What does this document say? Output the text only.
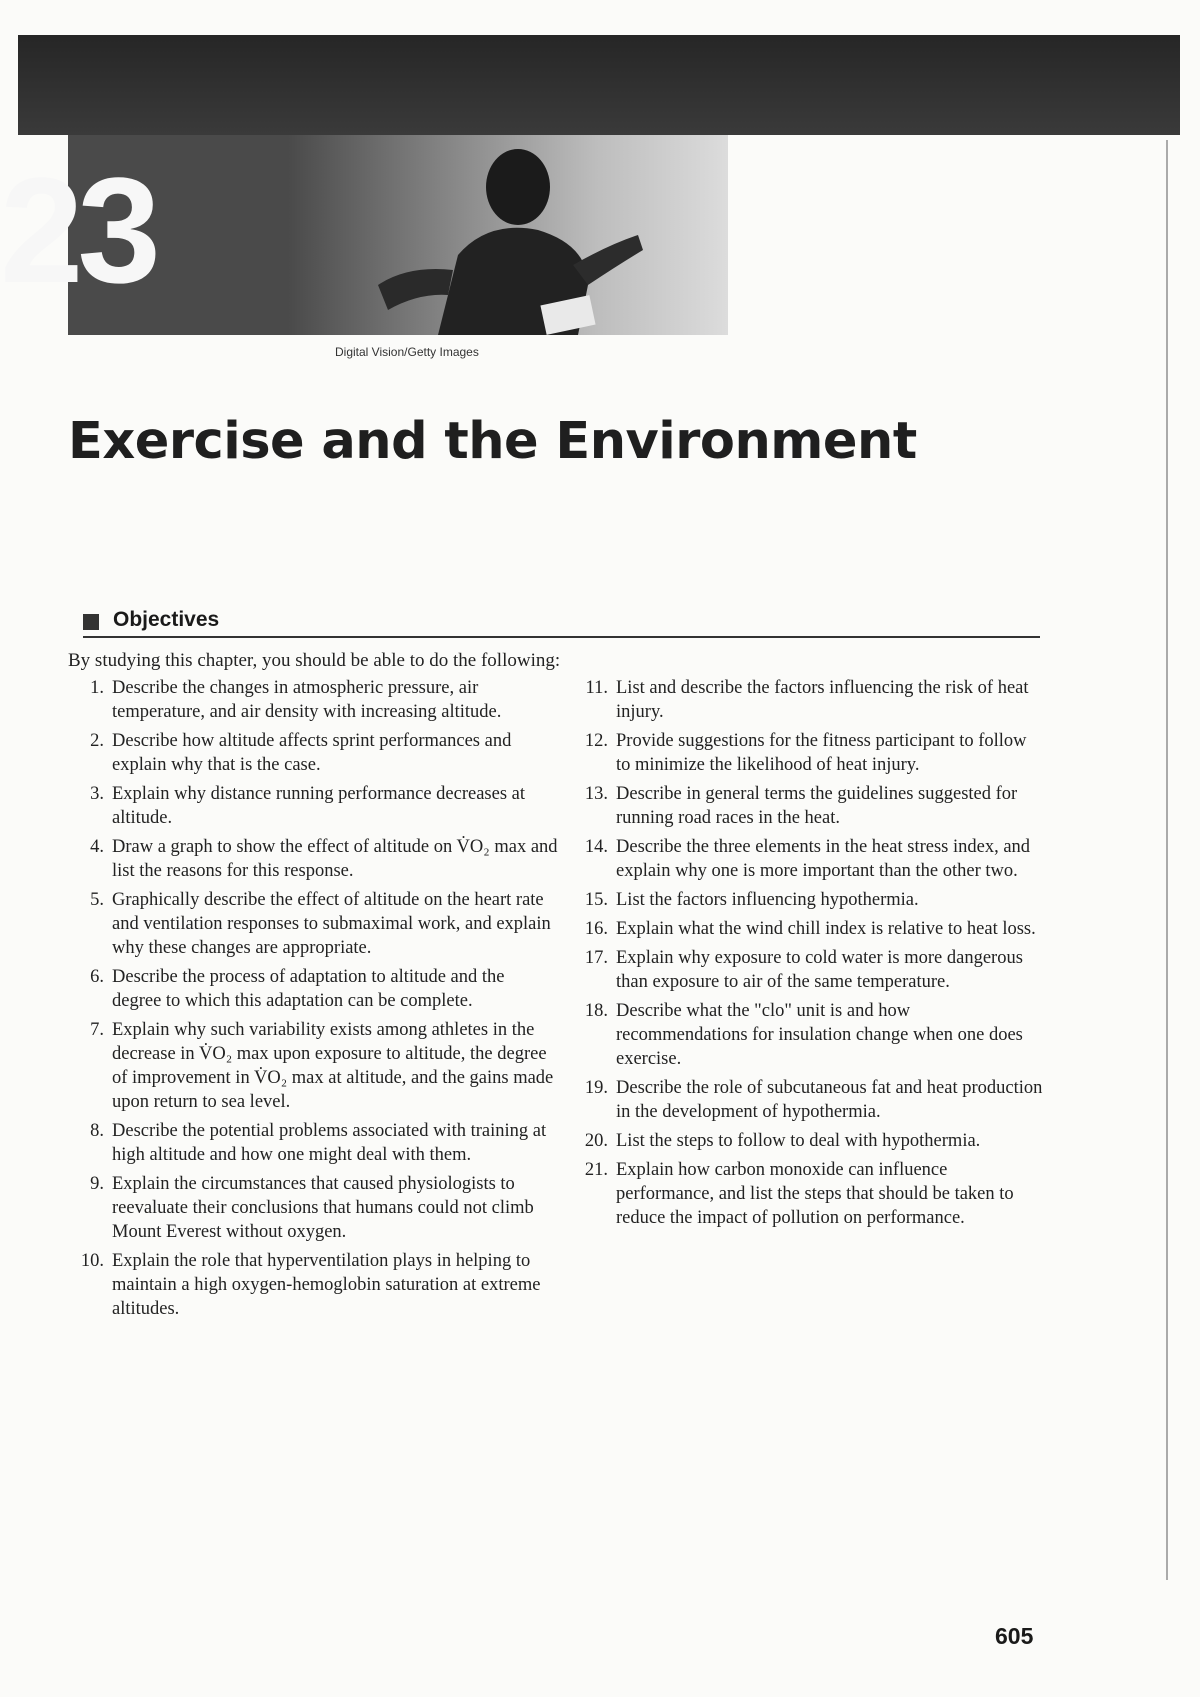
23
Digital Vision/Getty Images
Exercise and the Environment
Objectives

By studying this chapter, you should be able to do the following:

1. Describe the changes in atmospheric pressure, air temperature, and air density with increasing altitude.
2. Describe how altitude affects sprint performances and explain why that is the case.
3. Explain why distance running performance decreases at altitude.
4. Draw a graph to show the effect of altitude on V̇O₂ max and list the reasons for this response.
5. Graphically describe the effect of altitude on the heart rate and ventilation responses to submaximal work, and explain why these changes are appropriate.
6. Describe the process of adaptation to altitude and the degree to which this adaptation can be complete.
7. Explain why such variability exists among athletes in the decrease in V̇O₂ max upon exposure to altitude, the degree of improvement in V̇O₂ max at altitude, and the gains made upon return to sea level.
8. Describe the potential problems associated with training at high altitude and how one might deal with them.
9. Explain the circumstances that caused physiologists to reevaluate their conclusions that humans could not climb Mount Everest without oxygen.
10. Explain the role that hyperventilation plays in helping to maintain a high oxygen-hemoglobin saturation at extreme altitudes.
11. List and describe the factors influencing the risk of heat injury.
12. Provide suggestions for the fitness participant to follow to minimize the likelihood of heat injury.
13. Describe in general terms the guidelines suggested for running road races in the heat.
14. Describe the three elements in the heat stress index, and explain why one is more important than the other two.
15. List the factors influencing hypothermia.
16. Explain what the wind chill index is relative to heat loss.
17. Explain why exposure to cold water is more dangerous than exposure to air of the same temperature.
18. Describe what the "clo" unit is and how recommendations for insulation change when one does exercise.
19. Describe the role of subcutaneous fat and heat production in the development of hypothermia.
20. List the steps to follow to deal with hypothermia.
21. Explain how carbon monoxide can influence performance, and list the steps that should be taken to reduce the impact of pollution on performance.
605
